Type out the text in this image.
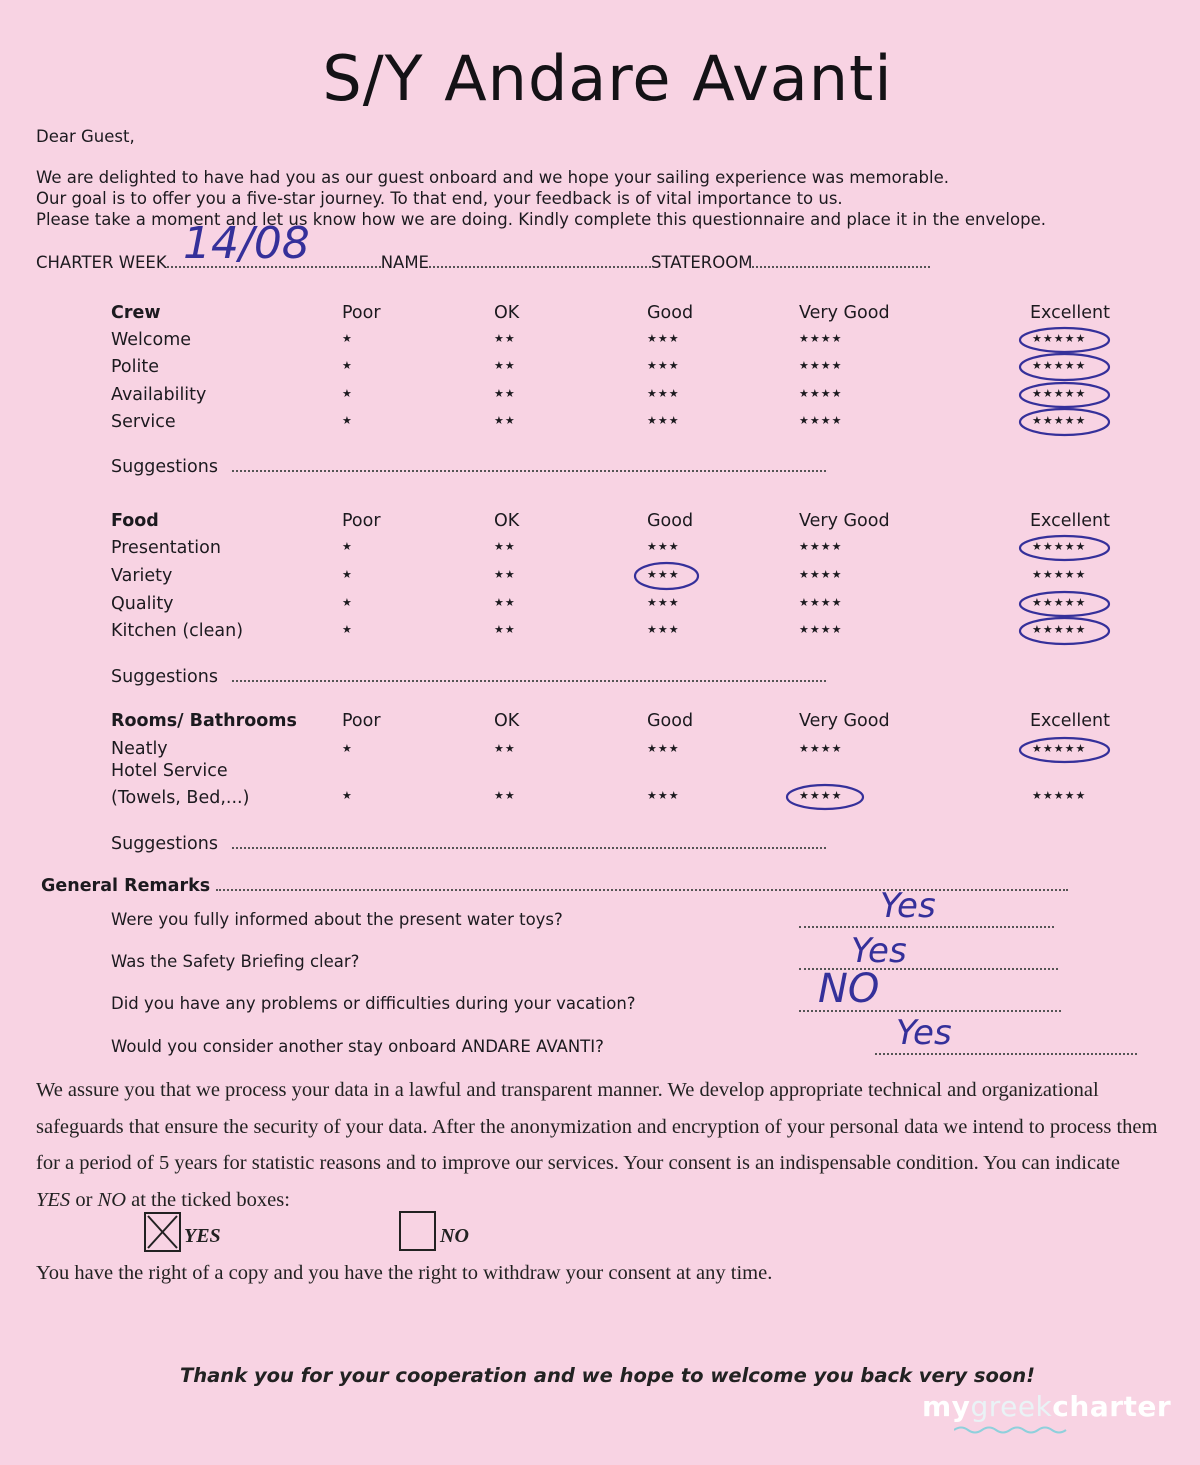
S/Y Andare Avanti
Dear Guest,
We are delighted to have had you as our guest onboard and we hope your sailing experience was memorable.
Our goal is to offer you a five-star journey. To that end, your feedback is of vital importance to us.
Please take a moment and let us know how we are doing. Kindly complete this questionnaire and place it in the envelope.
CHARTER WEEK	NAME	STATEROOM
14/08
Crew	Poor	OK	Good	Very Good	Excellent
Welcome	★	★★	★★★	★★★★	★★★★★
Polite	★	★★	★★★	★★★★	★★★★★
Availability	★	★★	★★★	★★★★	★★★★★
Service	★	★★	★★★	★★★★	★★★★★
Suggestions
Food	Poor	OK	Good	Very Good	Excellent
Presentation	★	★★	★★★	★★★★	★★★★★
Variety	★	★★	★★★	★★★★	★★★★★
Quality	★	★★	★★★	★★★★	★★★★★
Kitchen (clean)	★	★★	★★★	★★★★	★★★★★
Suggestions
Rooms/ Bathrooms	Poor	OK	Good	Very Good	Excellent
Neatly	★	★★	★★★	★★★★	★★★★★
Hotel Service
(Towels, Bed,...)	★	★★	★★★	★★★★	★★★★★
Suggestions
General Remarks
Were you fully informed about the present water toys?	Yes
Was the Safety Briefing clear?	Yes
Did you have any problems or difficulties during your vacation?	NO
Would you consider another stay onboard ANDARE AVANTI?	Yes
We assure you that we process your data in a lawful and transparent manner. We develop appropriate technical and organizational
safeguards that ensure the security of your data. After the anonymization and encryption of your personal data we intend to process them
for a period of 5 years for statistic reasons and to improve our services. Your consent is an indispensable condition. You can indicate
YES or NO at the ticked boxes:
YES	NO
You have the right of a copy and you have the right to withdraw your consent at any time.
Thank you for your cooperation and we hope to welcome you back very soon!
mygreekcharter
